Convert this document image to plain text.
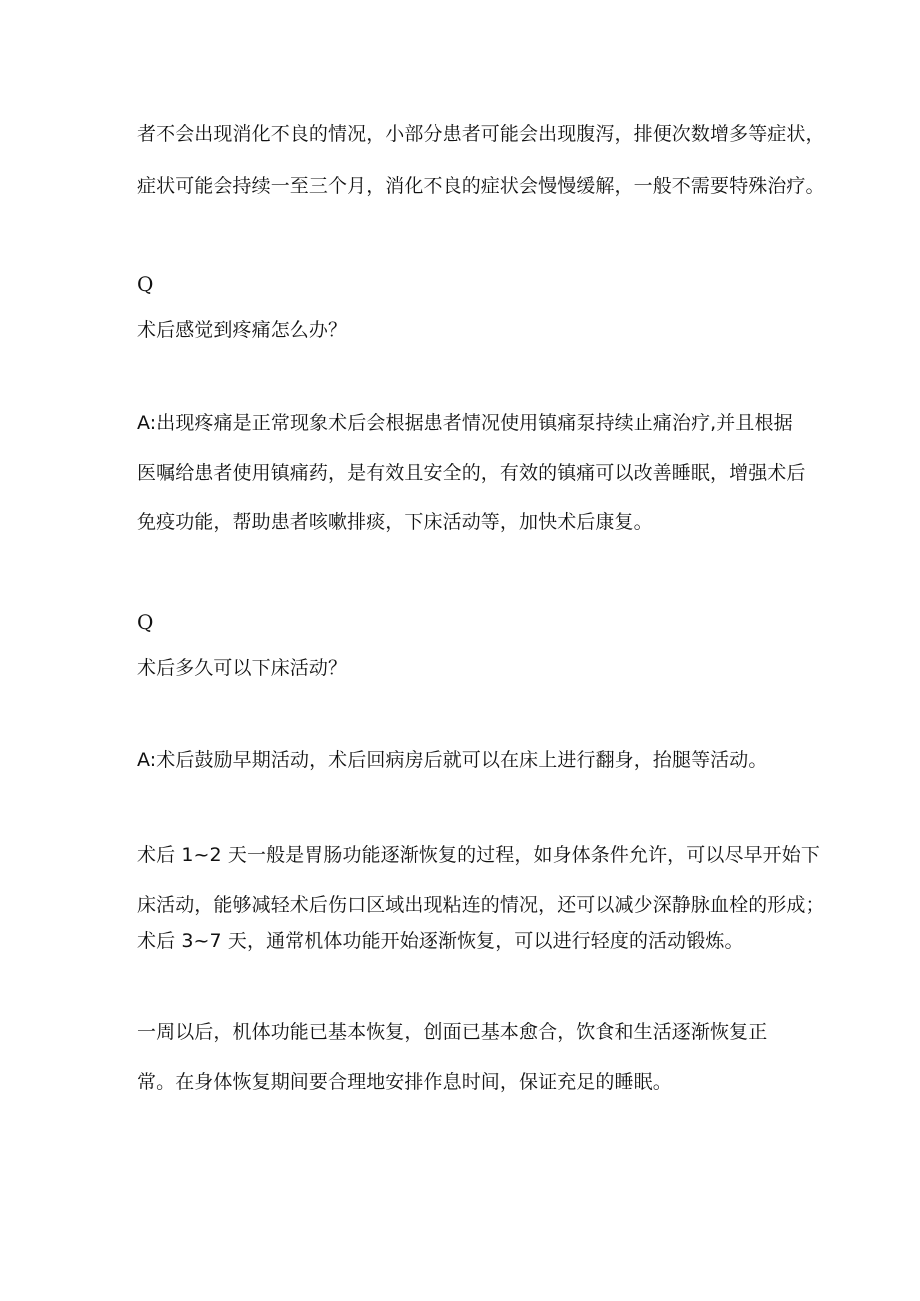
者不会出现消化不良的情况，小部分患者可能会出现腹泻，排便次数增多等症状，
症状可能会持续一至三个月，消化不良的症状会慢慢缓解，一般不需要特殊治疗。
Q
术后感觉到疼痛怎么办？
A:出现疼痛是正常现象术后会根据患者情况使用镇痛泵持续止痛治疗,并且根据
医嘱给患者使用镇痛药，是有效且安全的，有效的镇痛可以改善睡眠，增强术后
免疫功能，帮助患者咳嗽排痰，下床活动等，加快术后康复。
Q
术后多久可以下床活动？
A:术后鼓励早期活动，术后回病房后就可以在床上进行翻身，抬腿等活动。
术后 1~2 天一般是胃肠功能逐渐恢复的过程，如身体条件允许，可以尽早开始下
床活动，能够减轻术后伤口区域出现粘连的情况，还可以减少深静脉血栓的形成；
术后 3~7 天，通常机体功能开始逐渐恢复，可以进行轻度的活动锻炼。
一周以后，机体功能已基本恢复，创面已基本愈合，饮食和生活逐渐恢复正
常。在身体恢复期间要合理地安排作息时间，保证充足的睡眠。
